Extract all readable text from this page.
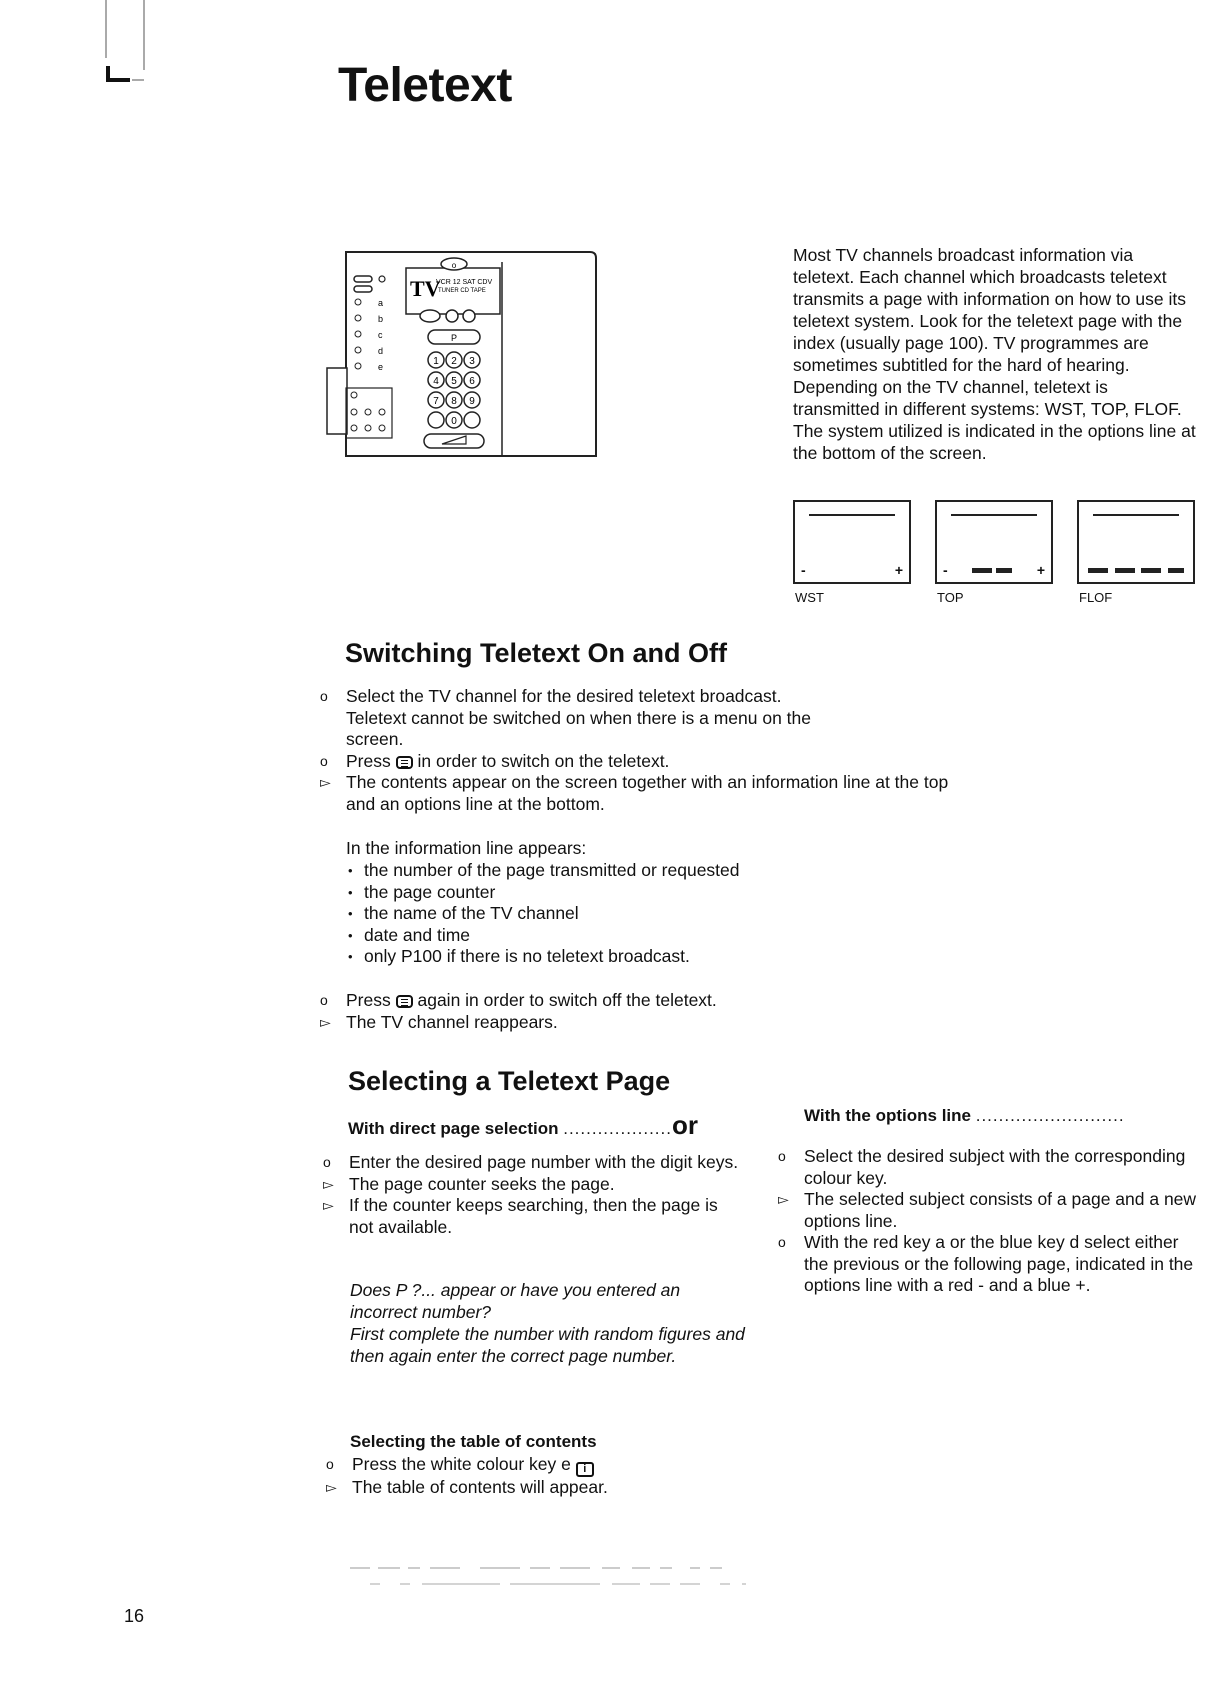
Teletext
o
TV
VCR 12 SAT CDV
TUNER CD TAPE
a
b
c
d
e
P
1 2 3
4 5 6
7 8 9
0

Most TV channels broadcast information via teletext. Each channel which broadcasts teletext transmits a page with information on how to use its teletext system. Look for the teletext page with the index (usually page 100). TV programmes are sometimes subtitled for the hard of hearing. Depending on the TV channel, teletext is transmitted in different systems: WST, TOP, FLOF. The system utilized is indicated in the options line at the bottom of the screen.

-	+	-	+
WST	TOP	FLOF
Switching Teletext On and Off
o	Select the TV channel for the desired teletext broadcast. Teletext cannot be switched on when there is a menu on the screen.
o	Press in order to switch on the teletext.
▻ The contents appear on the screen together with an information line at the top and an options line at the bottom.
In the information line appears:
• the number of the page transmitted or requested
• the page counter
• the name of the TV channel
• date and time
• only P100 if there is no teletext broadcast.
o	Press again in order to switch off the teletext.
▻ The TV channel reappears.
Selecting a Teletext Page
With direct page selection ...................or	With the options line ..........................
o	Enter the desired page number with the digit keys.
▻ The page counter seeks the page.
▻ If the counter keeps searching, then the page is not available.

Does P ?... appear or have you entered an incorrect number?

First complete the number with random figures and then again enter the correct page number.

o	Select the desired subject with the corresponding colour key.
▻ The selected subject consists of a page and a new options line.
o	With the red key a or the blue key d select either the previous or the following page, indicated in the options line with a red - and a blue +.
Selecting the table of contents
o	Press the white colour key e i
▻ The table of contents will appear.
16
